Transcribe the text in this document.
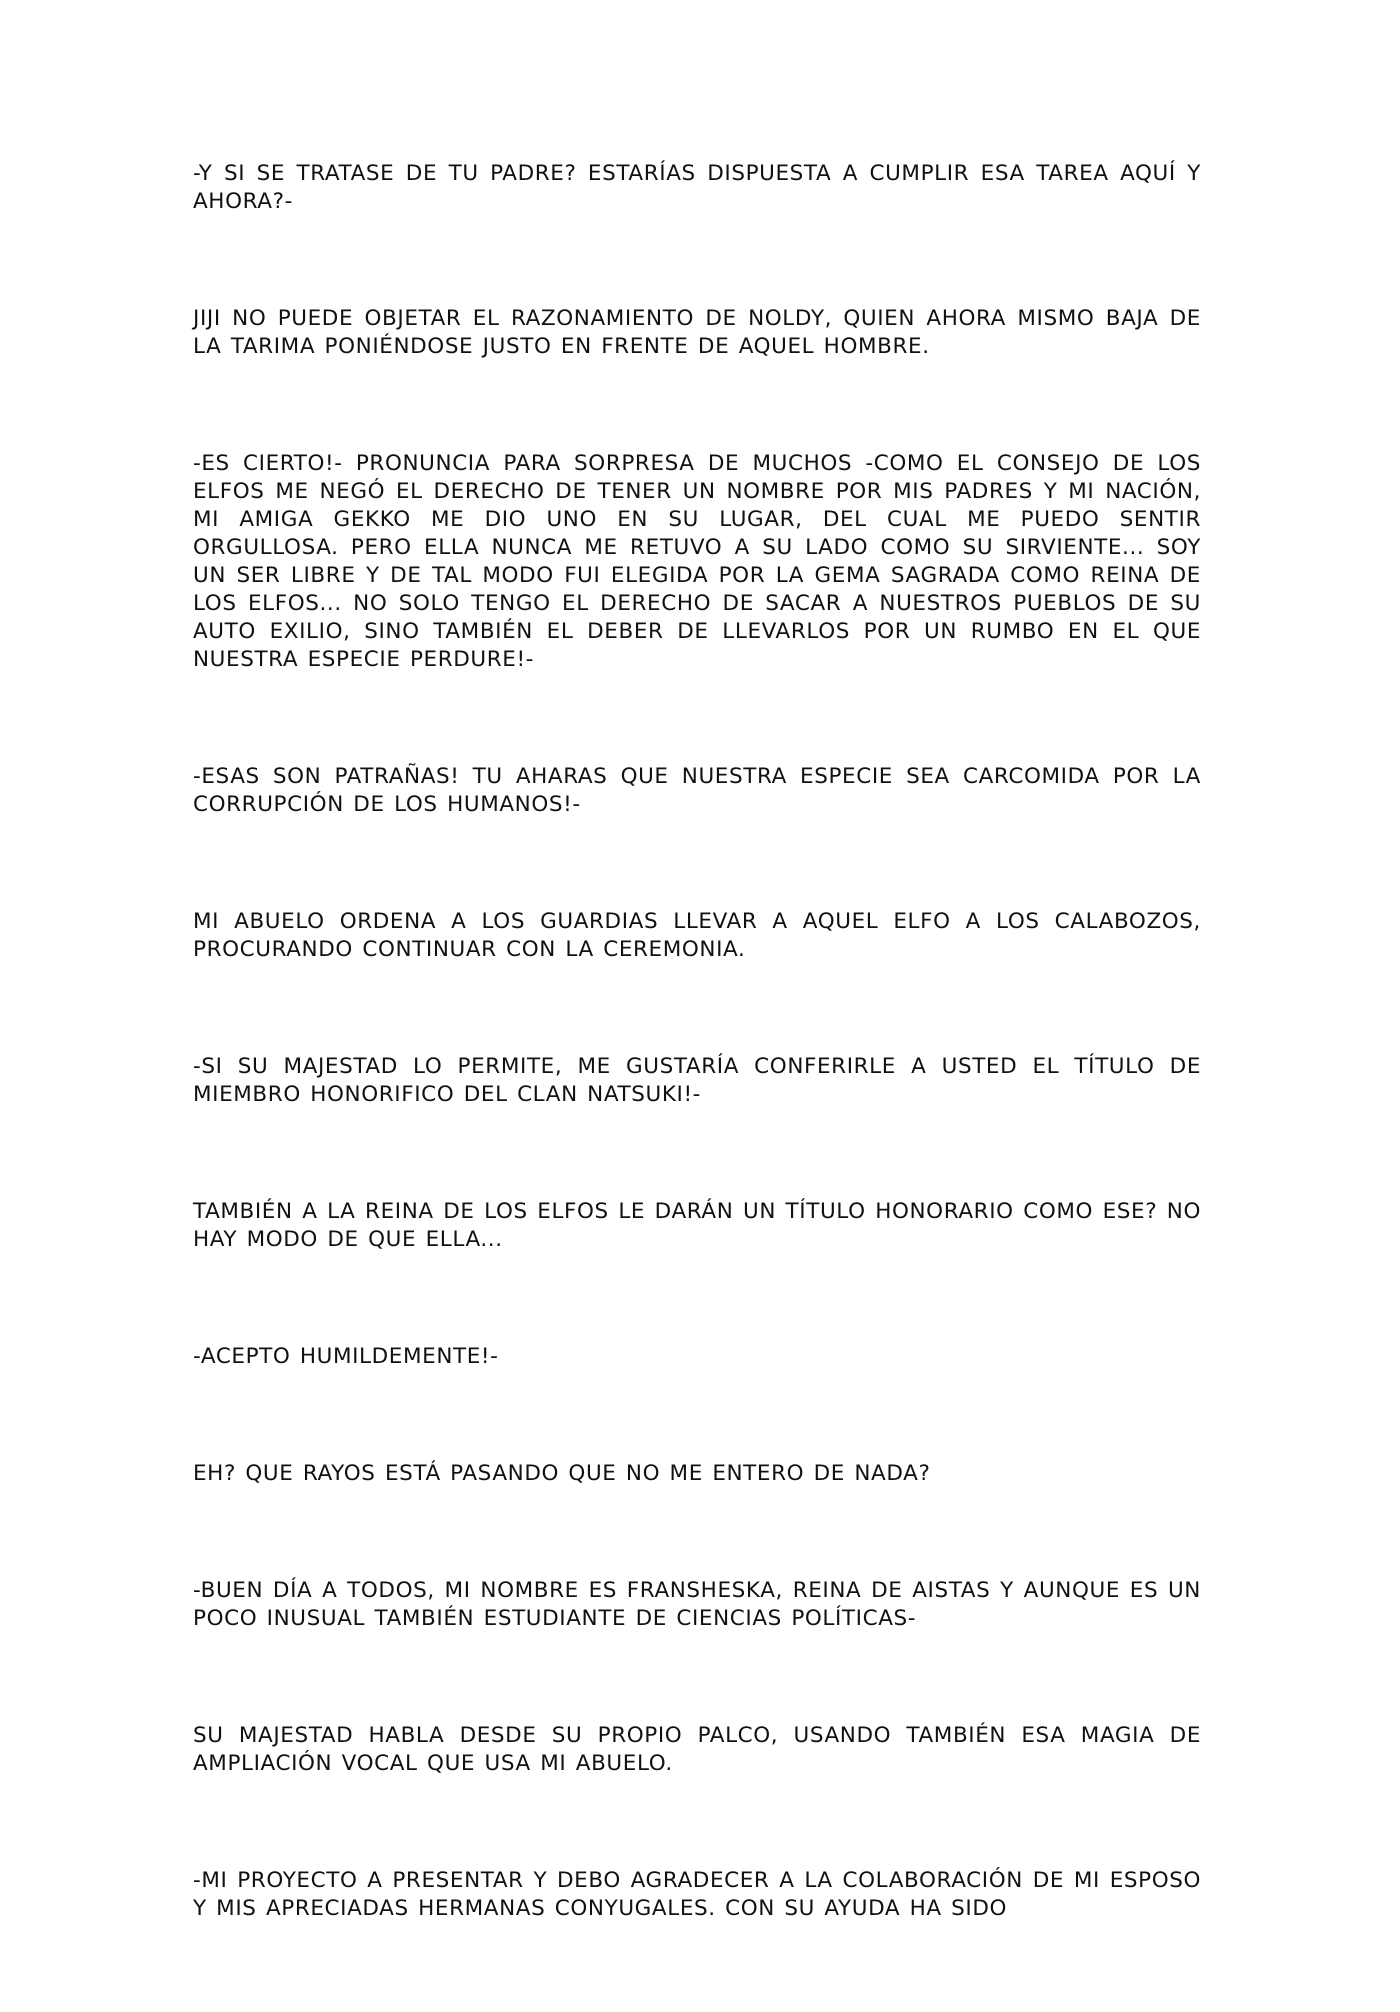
-Y SI SE TRATASE DE TU PADRE? ESTARÍAS DISPUESTA A CUMPLIR ESA TAREA AQUÍ Y AHORA?-

JIJI NO PUEDE OBJETAR EL RAZONAMIENTO DE NOLDY, QUIEN AHORA MISMO BAJA DE LA TARIMA PONIÉNDOSE JUSTO EN FRENTE DE AQUEL HOMBRE.

-ES CIERTO!- PRONUNCIA PARA SORPRESA DE MUCHOS -COMO EL CONSEJO DE LOS ELFOS ME NEGÓ EL DERECHO DE TENER UN NOMBRE POR MIS PADRES Y MI NACIÓN, MI AMIGA GEKKO ME DIO UNO EN SU LUGAR, DEL CUAL ME PUEDO SENTIR ORGULLOSA. PERO ELLA NUNCA ME RETUVO A SU LADO COMO SU SIRVIENTE... SOY UN SER LIBRE Y DE TAL MODO FUI ELEGIDA POR LA GEMA SAGRADA COMO REINA DE LOS ELFOS... NO SOLO TENGO EL DERECHO DE SACAR A NUESTROS PUEBLOS DE SU AUTO EXILIO, SINO TAMBIÉN EL DEBER DE LLEVARLOS POR UN RUMBO EN EL QUE NUESTRA ESPECIE PERDURE!-

-ESAS SON PATRAÑAS! TU AHARAS QUE NUESTRA ESPECIE SEA CARCOMIDA POR LA CORRUPCIÓN DE LOS HUMANOS!-

MI ABUELO ORDENA A LOS GUARDIAS LLEVAR A AQUEL ELFO A LOS CALABOZOS, PROCURANDO CONTINUAR CON LA CEREMONIA.

-SI SU MAJESTAD LO PERMITE, ME GUSTARÍA CONFERIRLE A USTED EL TÍTULO DE MIEMBRO HONORIFICO DEL CLAN NATSUKI!-

TAMBIÉN A LA REINA DE LOS ELFOS LE DARÁN UN TÍTULO HONORARIO COMO ESE? NO HAY MODO DE QUE ELLA...

-ACEPTO HUMILDEMENTE!-

EH? QUE RAYOS ESTÁ PASANDO QUE NO ME ENTERO DE NADA?

-BUEN DÍA A TODOS, MI NOMBRE ES FRANSHESKA, REINA DE AISTAS Y AUNQUE ES UN POCO INUSUAL TAMBIÉN ESTUDIANTE DE CIENCIAS POLÍTICAS-

SU MAJESTAD HABLA DESDE SU PROPIO PALCO, USANDO TAMBIÉN ESA MAGIA DE AMPLIACIÓN VOCAL QUE USA MI ABUELO.

-MI PROYECTO A PRESENTAR Y DEBO AGRADECER A LA COLABORACIÓN DE MI ESPOSO Y MIS APRECIADAS HERMANAS CONYUGALES. CON SU AYUDA HA SIDO
